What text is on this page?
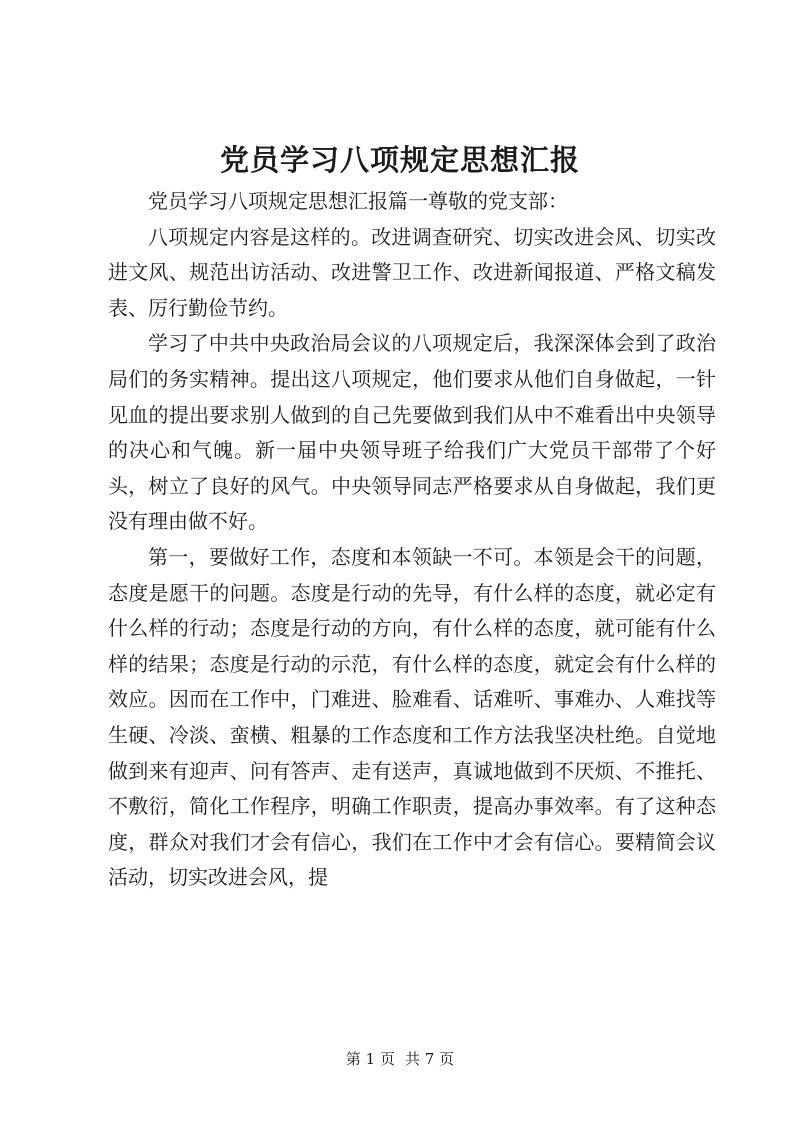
党员学习八项规定思想汇报

党员学习八项规定思想汇报篇一尊敬的党支部：

八项规定内容是这样的。改进调查研究、切实改进会风、切实改进文风、规范出访活动、改进警卫工作、改进新闻报道、严格文稿发表、厉行勤俭节约。

学习了中共中央政治局会议的八项规定后，我深深体会到了政治局们的务实精神。提出这八项规定，他们要求从他们自身做起，一针见血的提出要求别人做到的自己先要做到我们从中不难看出中央领导的决心和气魄。新一届中央领导班子给我们广大党员干部带了个好头，树立了良好的风气。中央领导同志严格要求从自身做起，我们更没有理由做不好。

第一，要做好工作，态度和本领缺一不可。本领是会干的问题，态度是愿干的问题。态度是行动的先导，有什么样的态度，就必定有什么样的行动；态度是行动的方向，有什么样的态度，就可能有什么样的结果；态度是行动的示范，有什么样的态度，就定会有什么样的效应。因而在工作中，门难进、脸难看、话难听、事难办、人难找等生硬、冷淡、蛮横、粗暴的工作态度和工作方法我坚决杜绝。自觉地做到来有迎声、问有答声、走有送声，真诚地做到不厌烦、不推托、不敷衍，简化工作程序，明确工作职责，提高办事效率。有了这种态度，群众对我们才会有信心，我们在工作中才会有信心。要精简会议活动，切实改进会风，提

第 1 页 共 7 页
